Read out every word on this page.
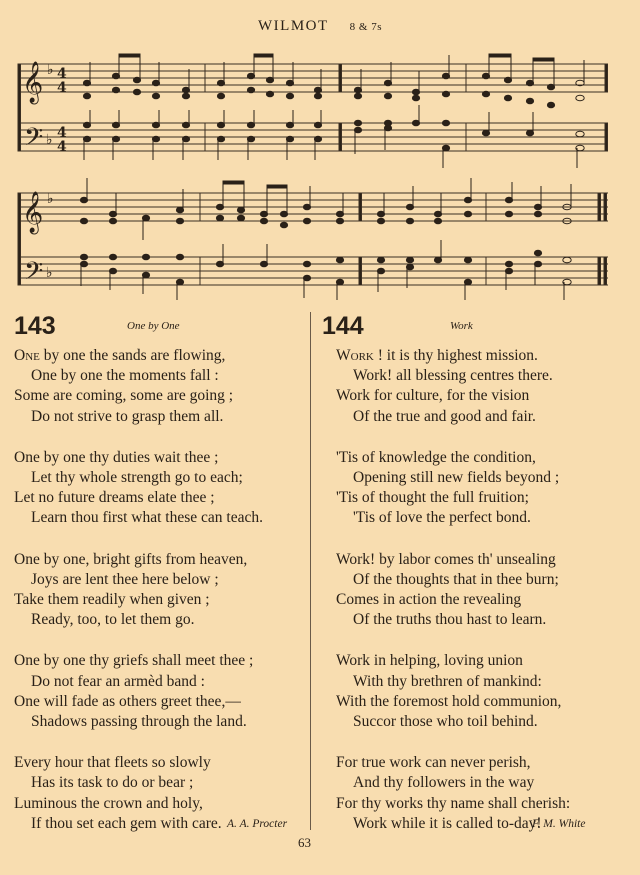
WILMOT 8 & 7s
𝄞
𝄢
𝄞
𝄢
♭
♭
♭
♭
4
4
4
4
143	One by One
One by one the sands are flowing,
One by one the moments fall :
Some are coming, some are going ;
Do not strive to grasp them all.
One by one thy duties wait thee ;
Let thy whole strength go to each;
Let no future dreams elate thee ;
Learn thou first what these can teach.
One by one, bright gifts from heaven,
Joys are lent thee here below ;
Take them readily when given ;
Ready, too, to let them go.
One by one thy griefs shall meet thee ;
Do not fear an armèd band :
One will fade as others greet thee,—
Shadows passing through the land.
Every hour that fleets so slowly
Has its task to do or bear ;
Luminous the crown and holy,
If thou set each gem with care. A. A. Procter
144	Work
Work ! it is thy highest mission.
Work! all blessing centres there.
Work for culture, for the vision
Of the true and good and fair.
'Tis of knowledge the condition,
Opening still new fields beyond ;
'Tis of thought the full fruition;
'Tis of love the perfect bond.
Work! by labor comes th' unsealing
Of the thoughts that in thee burn;
Comes in action the revealing
Of the truths thou hast to learn.
Work in helping, loving union
With thy brethren of mankind:
With the foremost hold communion,
Succor those who toil behind.
For true work can never perish,
And thy followers in the way
For thy works thy name shall cherish:
Work while it is called to-day!
F. M. White
63
